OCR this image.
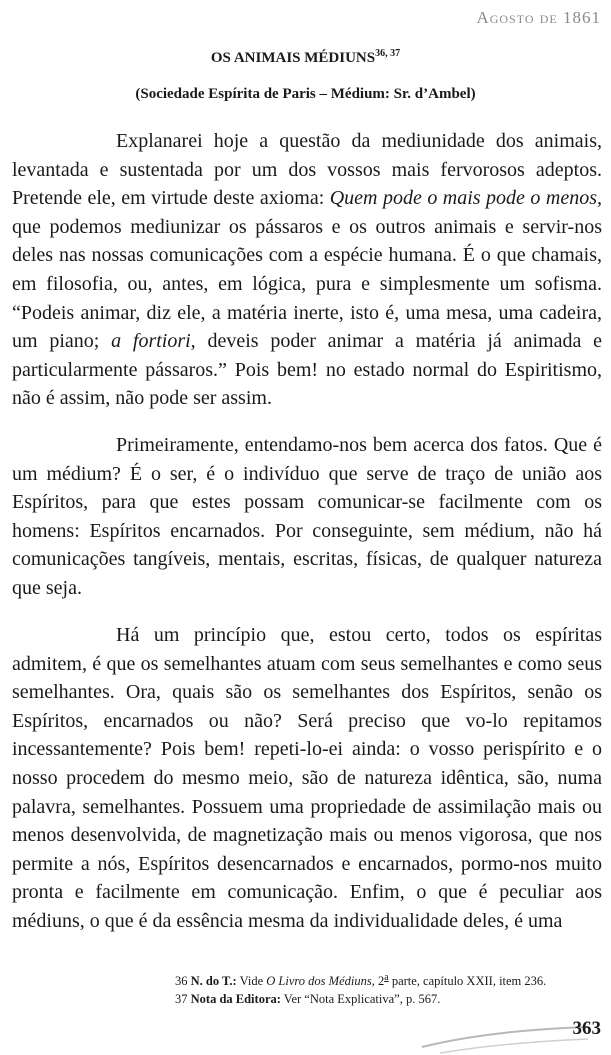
Agosto de 1861
OS ANIMAIS MÉDIUNS$^{36, 37}$
(Sociedade Espírita de Paris – Médium: Sr. d’Ambel)

Explanarei hoje a questão da mediunidade dos animais, levantada e sustentada por um dos vossos mais fervorosos adeptos. Pretende ele, em virtude deste axioma: Quem pode o mais pode o menos, que podemos mediunizar os pássaros e os outros animais e servir-nos deles nas nossas comunicações com a espécie humana. É o que chamais, em filosofia, ou, antes, em lógica, pura e simplesmente um sofisma. “Podeis animar, diz ele, a matéria inerte, isto é, uma mesa, uma cadeira, um piano; a fortiori, deveis poder animar a matéria já animada e particularmente pássaros.” Pois bem! no estado normal do Espiritismo, não é assim, não pode ser assim.

Primeiramente, entendamo-nos bem acerca dos fatos. Que é um médium? É o ser, é o indivíduo que serve de traço de união aos Espíritos, para que estes possam comunicar-se facilmente com os homens: Espíritos encarnados. Por conseguinte, sem médium, não há comunicações tangíveis, mentais, escritas, físicas, de qualquer natureza que seja.

Há um princípio que, estou certo, todos os espíritas admitem, é que os semelhantes atuam com seus semelhantes e como seus semelhantes. Ora, quais são os semelhantes dos Espíritos, senão os Espíritos, encarnados ou não? Será preciso que vo-lo repitamos incessantemente? Pois bem! repeti-lo-ei ainda: o vosso perispírito e o nosso procedem do mesmo meio, são de natureza idêntica, são, numa palavra, semelhantes. Possuem uma propriedade de assimilação mais ou menos desenvolvida, de magnetização mais ou menos vigorosa, que nos permite a nós, Espíritos desencarnados e encarnados, pormo-nos muito pronta e facilmente em comunicação. Enfim, o que é peculiar aos médiuns, o que é da essência mesma da individualidade deles, é uma

36 N. do T.: Vide O Livro dos Médiuns, 2$^a$ parte, capítulo XXII, item 236.
37 Nota da Editora: Ver “Nota Explicativa”, p. 567.
363
